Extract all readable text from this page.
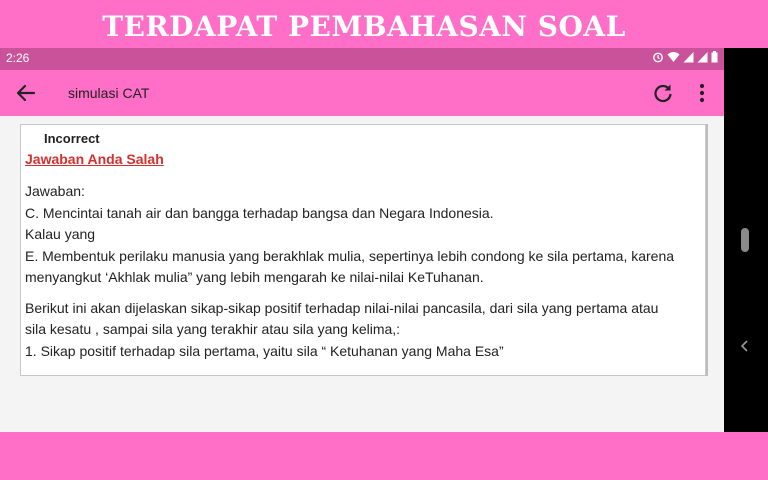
TERDAPAT PEMBAHASAN SOAL
2:26
simulasi CAT
Incorrect
Jawaban Anda Salah
Jawaban:
C. Mencintai tanah air dan bangga terhadap bangsa dan Negara Indonesia.
Kalau yang
E. Membentuk perilaku manusia yang berakhlak mulia, sepertinya lebih condong ke sila pertama, karena
menyangkut ‘Akhlak mulia” yang lebih mengarah ke nilai-nilai KeTuhanan.
Berikut ini akan dijelaskan sikap-sikap positif terhadap nilai-nilai pancasila, dari sila yang pertama atau
sila kesatu , sampai sila yang terakhir atau sila yang kelima,:
1. Sikap positif terhadap sila pertama, yaitu sila “ Ketuhanan yang Maha Esa”
